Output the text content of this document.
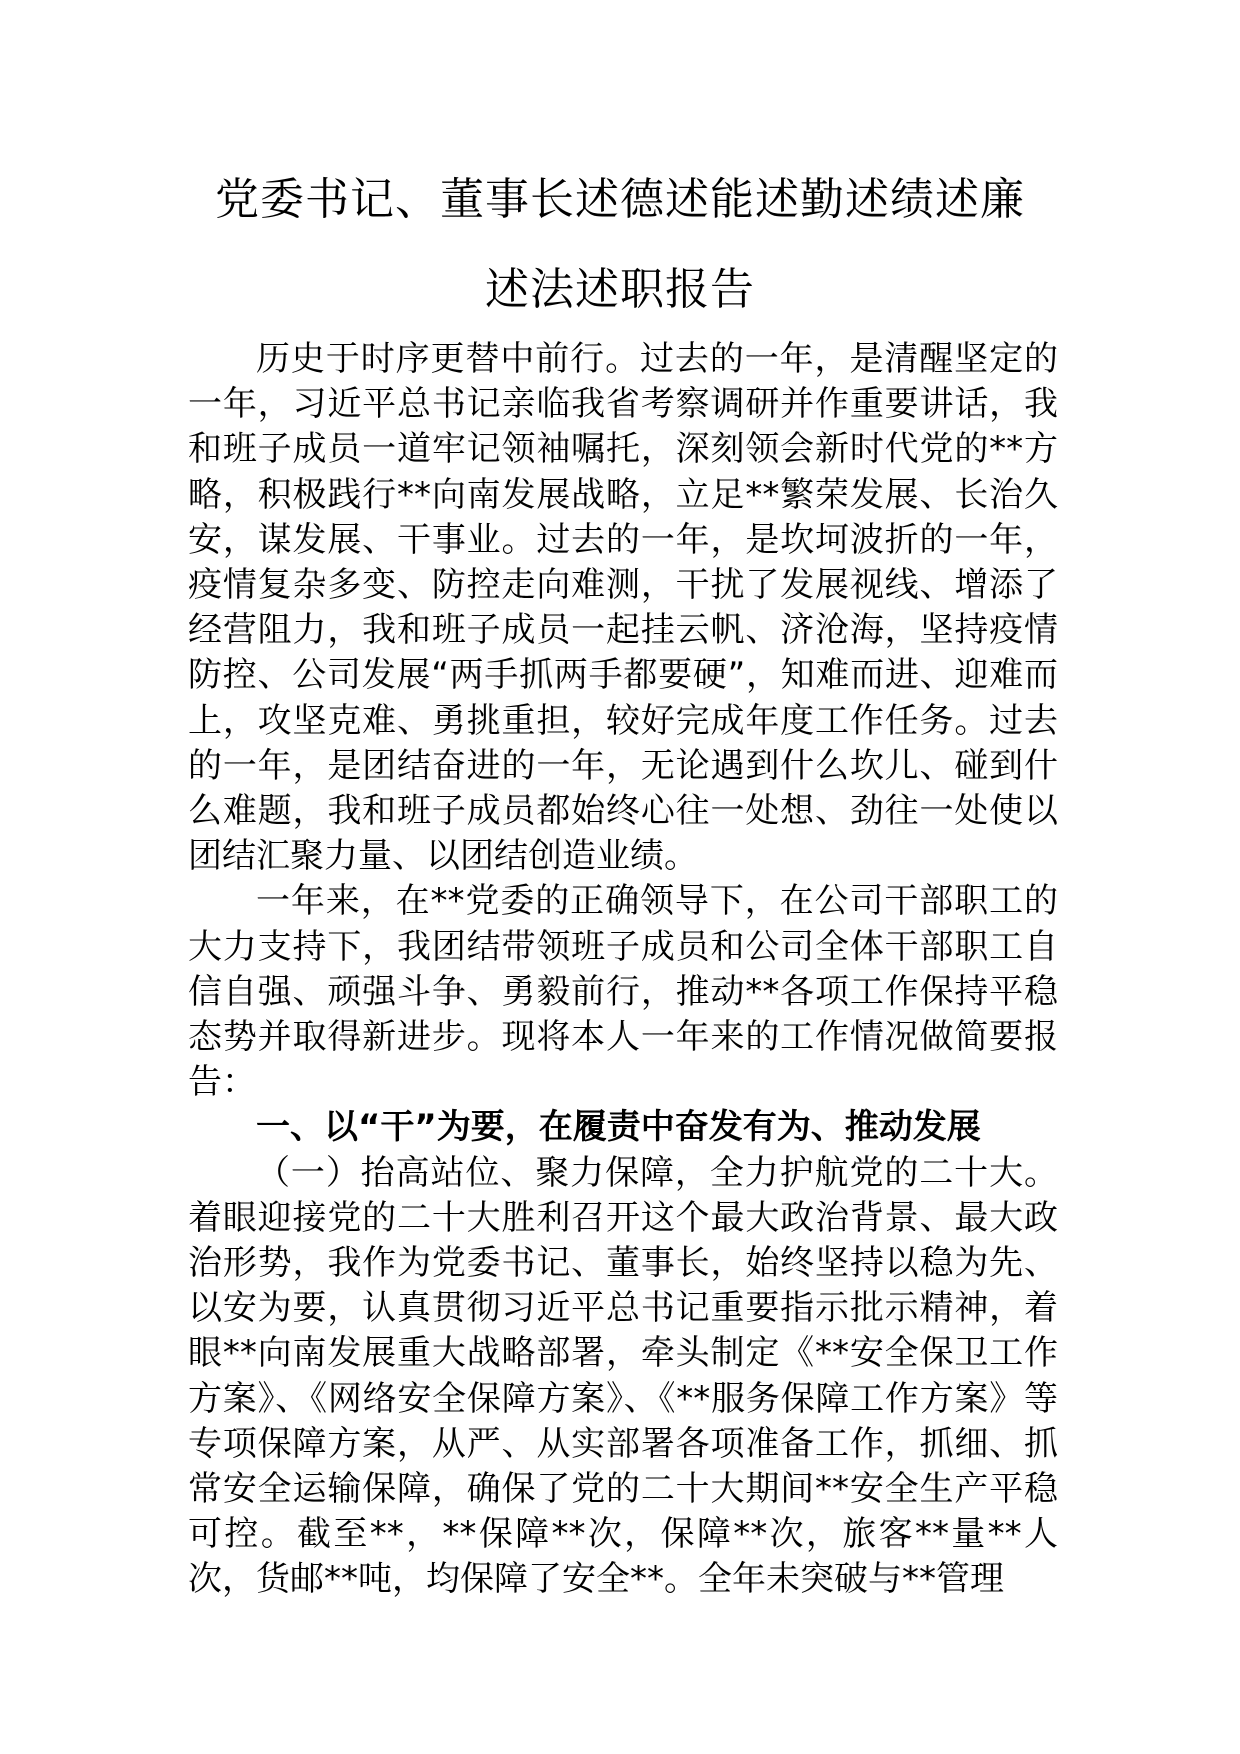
党委书记、董事长述德述能述勤述绩述廉
述法述职报告

历史于时序更替中前行。过去的一年，是清醒坚定的一年，习近平总书记亲临我省考察调研并作重要讲话，我和班子成员一道牢记领袖嘱托，深刻领会新时代党的**方略，积极践行**向南发展战略，立足**繁荣发展、长治久安，谋发展、干事业。过去的一年，是坎坷波折的一年，疫情复杂多变、防控走向难测，干扰了发展视线、增添了经营阻力，我和班子成员一起挂云帆、济沧海，坚持疫情防控、公司发展“两手抓两手都要硬”，知难而进、迎难而上，攻坚克难、勇挑重担，较好完成年度工作任务。过去的一年，是团结奋进的一年，无论遇到什么坎儿、碰到什么难题，我和班子成员都始终心往一处想、劲往一处使以团结汇聚力量、以团结创造业绩。

一年来，在**党委的正确领导下，在公司干部职工的大力支持下，我团结带领班子成员和公司全体干部职工自信自强、顽强斗争、勇毅前行，推动**各项工作保持平稳态势并取得新进步。现将本人一年来的工作情况做简要报告：

一、以“干”为要，在履责中奋发有为、推动发展

（一）抬高站位、聚力保障，全力护航党的二十大。着眼迎接党的二十大胜利召开这个最大政治背景、最大政治形势，我作为党委书记、董事长，始终坚持以稳为先、以安为要，认真贯彻习近平总书记重要指示批示精神，着眼**向南发展重大战略部署，牵头制定《**安全保卫工作方案》、《网络安全保障方案》、《**服务保障工作方案》等专项保障方案，从严、从实部署各项准备工作，抓细、抓常安全运输保障，确保了党的二十大期间**安全生产平稳可控。截至**，**保障**次，保障**次，旅客**量**人次，货邮**吨，均保障了安全**。全年未突破与**管理
